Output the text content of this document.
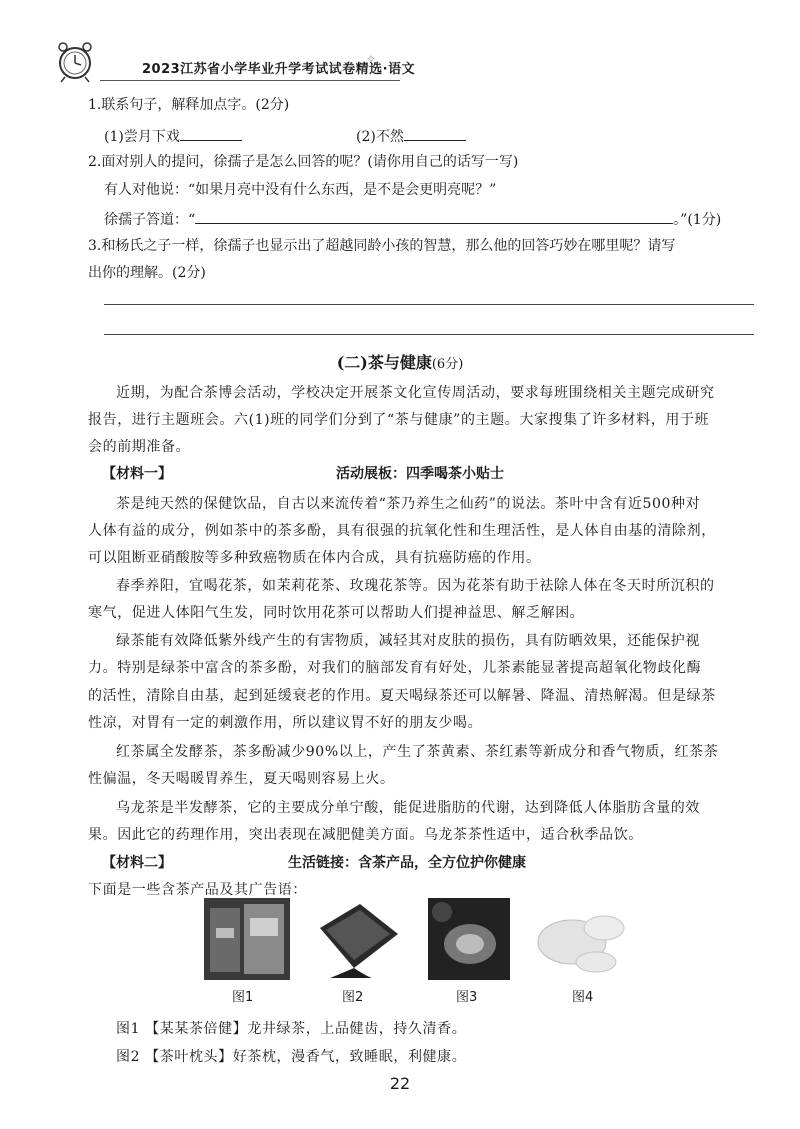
2023江苏省小学毕业升学考试试卷精选·语文
✧
1.联系句子，解释加点字。(2分)
(1)尝月下戏	(2)不然
2.面对别人的提问，徐孺子是怎么回答的呢？(请你用自己的话写一写)
有人对他说：“如果月亮中没有什么东西，是不是会更明亮呢？”
徐孺子答道：“	。”(1分)
3.和杨氏之子一样，徐孺子也显示出了超越同龄小孩的智慧，那么他的回答巧妙在哪里呢？请写
出你的理解。(2分)
(二)茶与健康(6分)
近期，为配合茶博会活动，学校决定开展茶文化宣传周活动，要求每班围绕相关主题完成研究
报告，进行主题班会。六(1)班的同学们分到了“茶与健康”的主题。大家搜集了许多材料，用于班
会的前期准备。
【材料一】	活动展板：四季喝茶小贴士
茶是纯天然的保健饮品，自古以来流传着“茶乃养生之仙药”的说法。茶叶中含有近500种对
人体有益的成分，例如茶中的茶多酚，具有很强的抗氧化性和生理活性，是人体自由基的清除剂，
可以阻断亚硝酸胺等多种致癌物质在体内合成，具有抗癌防癌的作用。
春季养阳，宜喝花茶，如茉莉花茶、玫瑰花茶等。因为花茶有助于祛除人体在冬天时所沉积的
寒气，促进人体阳气生发，同时饮用花茶可以帮助人们提神益思、解乏解困。
绿茶能有效降低紫外线产生的有害物质，减轻其对皮肤的损伤，具有防晒效果，还能保护视
力。特别是绿茶中富含的茶多酚，对我们的脑部发育有好处，儿茶素能显著提高超氧化物歧化酶
的活性，清除自由基，起到延缓衰老的作用。夏天喝绿茶还可以解暑、降温、清热解渴。但是绿茶
性凉，对胃有一定的刺激作用，所以建议胃不好的朋友少喝。
红茶属全发酵茶，茶多酚减少90%以上，产生了茶黄素、茶红素等新成分和香气物质，红茶茶
性偏温，冬天喝暖胃养生，夏天喝则容易上火。
乌龙茶是半发酵茶，它的主要成分单宁酸，能促进脂肪的代谢，达到降低人体脂肪含量的效
果。因此它的药理作用，突出表现在减肥健美方面。乌龙茶茶性适中，适合秋季品饮。
【材料二】	生活链接：含茶产品，全方位护你健康
下面是一些含茶产品及其广告语：
图1	图2	图3	图4
图1 【某某茶倍健】龙井绿茶，上品健齿，持久清香。
图2 【茶叶枕头】好茶枕，漫香气，致睡眠，利健康。
22
